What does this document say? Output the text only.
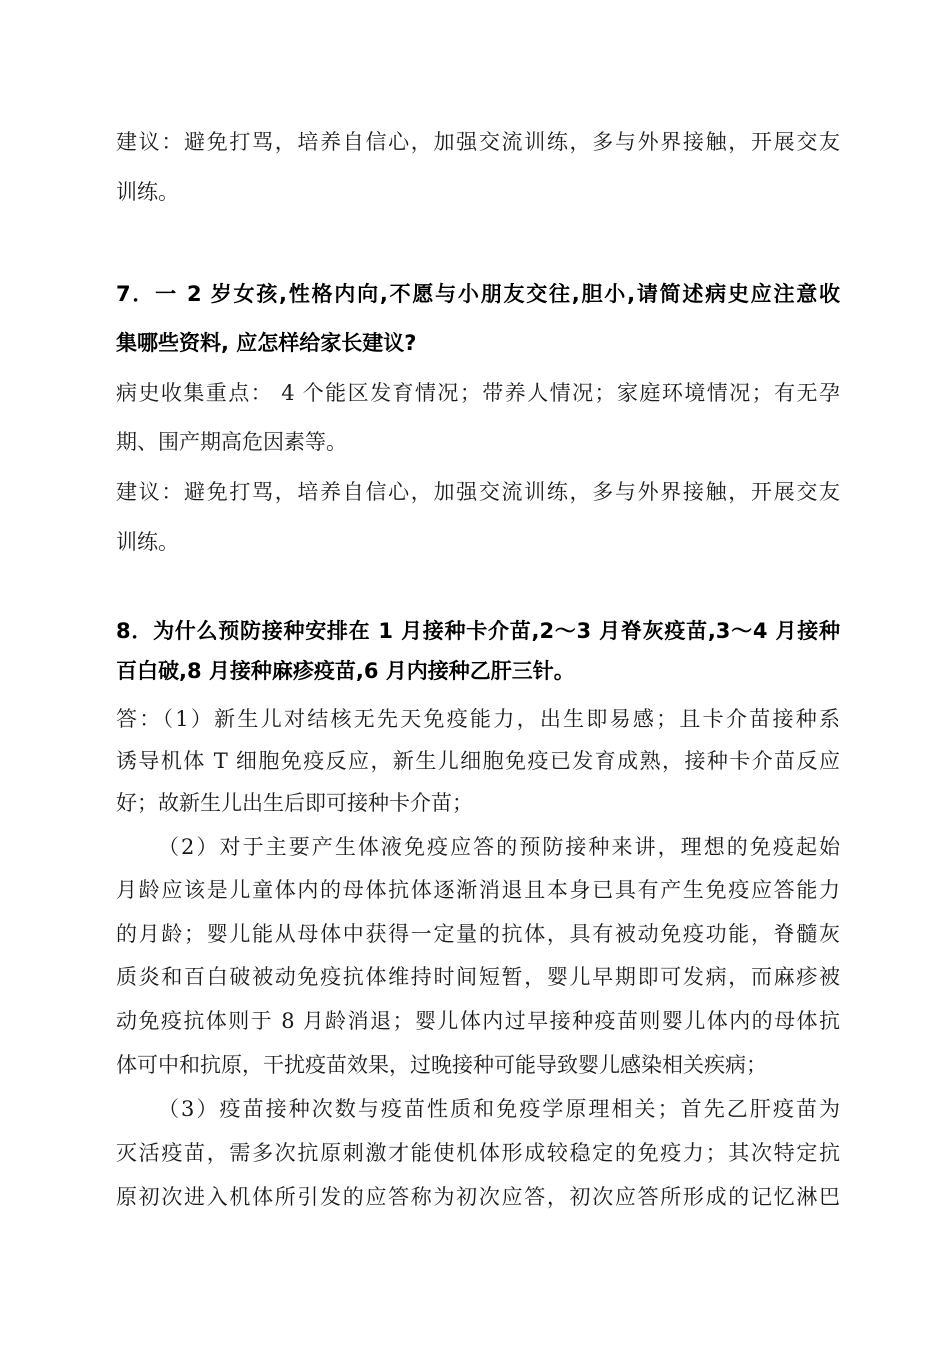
建议：避免打骂，培养自信心，加强交流训练，多与外界接触，开展交友
训练。
7．一 2 岁女孩,性格内向,不愿与小朋友交往,胆小,请简述病史应注意收
集哪些资料, 应怎样给家长建议?
病史收集重点： 4 个能区发育情况；带养人情况；家庭环境情况；有无孕
期、围产期高危因素等。
建议：避免打骂，培养自信心，加强交流训练，多与外界接触，开展交友
训练。
8．为什么预防接种安排在 1 月接种卡介苗,2～3 月脊灰疫苗,3～4 月接种
百白破,8 月接种麻疹疫苗,6 月内接种乙肝三针。
答：（1）新生儿对结核无先天免疫能力，出生即易感；且卡介苗接种系
诱导机体 T 细胞免疫反应，新生儿细胞免疫已发育成熟，接种卡介苗反应
好；故新生儿出生后即可接种卡介苗；
（2）对于主要产生体液免疫应答的预防接种来讲，理想的免疫起始
月龄应该是儿童体内的母体抗体逐渐消退且本身已具有产生免疫应答能力
的月龄；婴儿能从母体中获得一定量的抗体，具有被动免疫功能，脊髓灰
质炎和百白破被动免疫抗体维持时间短暂，婴儿早期即可发病，而麻疹被
动免疫抗体则于 8 月龄消退；婴儿体内过早接种疫苗则婴儿体内的母体抗
体可中和抗原，干扰疫苗效果，过晚接种可能导致婴儿感染相关疾病；
（3）疫苗接种次数与疫苗性质和免疫学原理相关；首先乙肝疫苗为
灭活疫苗，需多次抗原刺激才能使机体形成较稳定的免疫力；其次特定抗
原初次进入机体所引发的应答称为初次应答，初次应答所形成的记忆淋巴
